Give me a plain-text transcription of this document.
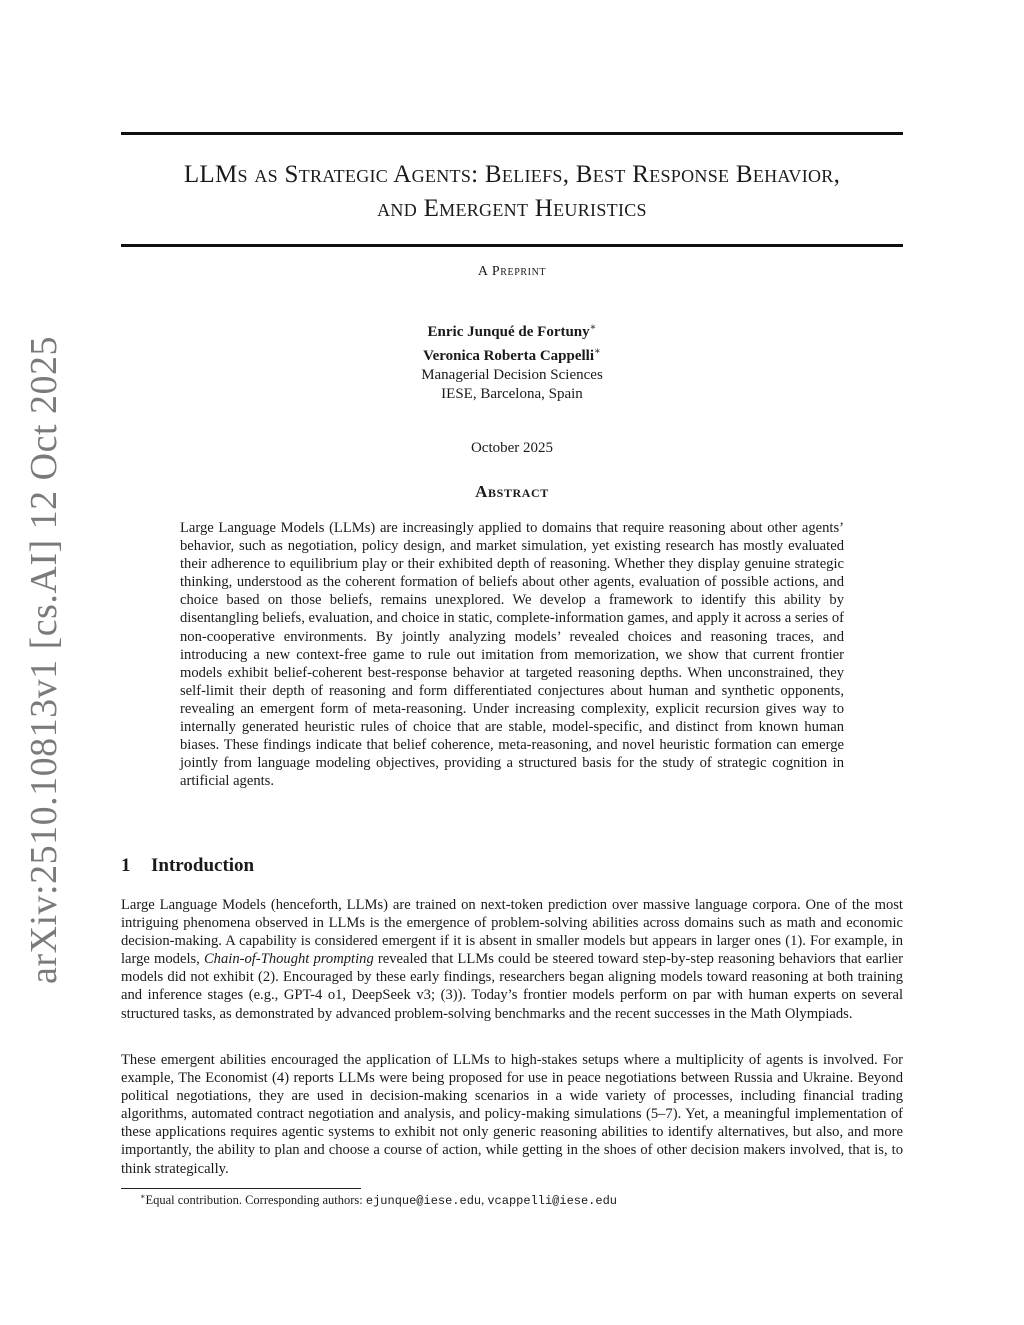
arXiv:2510.10813v1 [cs.AI] 12 Oct 2025
LLMs as Strategic Agents: Beliefs, Best Response Behavior,
and Emergent Heuristics
A Preprint
Enric Junqué de Fortuny∗
Veronica Roberta Cappelli∗
Managerial Decision Sciences
IESE, Barcelona, Spain
October 2025
Abstract
Large Language Models (LLMs) are increasingly applied to domains that require reasoning about other agents’ behavior, such as negotiation, policy design, and market simulation, yet existing research has mostly evaluated their adherence to equilibrium play or their exhibited depth of reasoning. Whether they display genuine strategic thinking, understood as the coherent formation of beliefs about other agents, evaluation of possible actions, and choice based on those beliefs, remains unexplored. We develop a framework to identify this ability by disentangling beliefs, evaluation, and choice in static, complete-information games, and apply it across a series of non-cooperative environments. By jointly analyzing models’ revealed choices and reasoning traces, and introducing a new context-free game to rule out imitation from memorization, we show that current frontier models exhibit belief-coherent best-response behavior at targeted reasoning depths. When unconstrained, they self-limit their depth of reasoning and form differentiated conjectures about human and synthetic opponents, revealing an emergent form of meta-reasoning. Under increasing complexity, explicit recursion gives way to internally generated heuristic rules of choice that are stable, model-specific, and distinct from known human biases. These findings indicate that belief coherence, meta-reasoning, and novel heuristic formation can emerge jointly from language modeling objectives, providing a structured basis for the study of strategic cognition in artificial agents.
1 Introduction
Large Language Models (henceforth, LLMs) are trained on next-token prediction over massive language corpora. One of the most intriguing phenomena observed in LLMs is the emergence of problem-solving abilities across domains such as math and economic decision-making. A capability is considered emergent if it is absent in smaller models but appears in larger ones (1). For example, in large models, Chain-of-Thought prompting revealed that LLMs could be steered toward step-by-step reasoning behaviors that earlier models did not exhibit (2). Encouraged by these early findings, researchers began aligning models toward reasoning at both training and inference stages (e.g., GPT-4 o1, DeepSeek v3; (3)). Today’s frontier models perform on par with human experts on several structured tasks, as demonstrated by advanced problem-solving benchmarks and the recent successes in the Math Olympiads.
These emergent abilities encouraged the application of LLMs to high-stakes setups where a multiplicity of agents is involved. For example, The Economist (4) reports LLMs were being proposed for use in peace negotiations between Russia and Ukraine. Beyond political negotiations, they are used in decision-making scenarios in a wide variety of processes, including financial trading algorithms, automated contract negotiation and analysis, and policy-making simulations (5–7). Yet, a meaningful implementation of these applications requires agentic systems to exhibit not only generic reasoning abilities to identify alternatives, but also, and more importantly, the ability to plan and choose a course of action, while getting in the shoes of other decision makers involved, that is, to think strategically.
∗Equal contribution. Corresponding authors: ejunque@iese.edu, vcappelli@iese.edu
